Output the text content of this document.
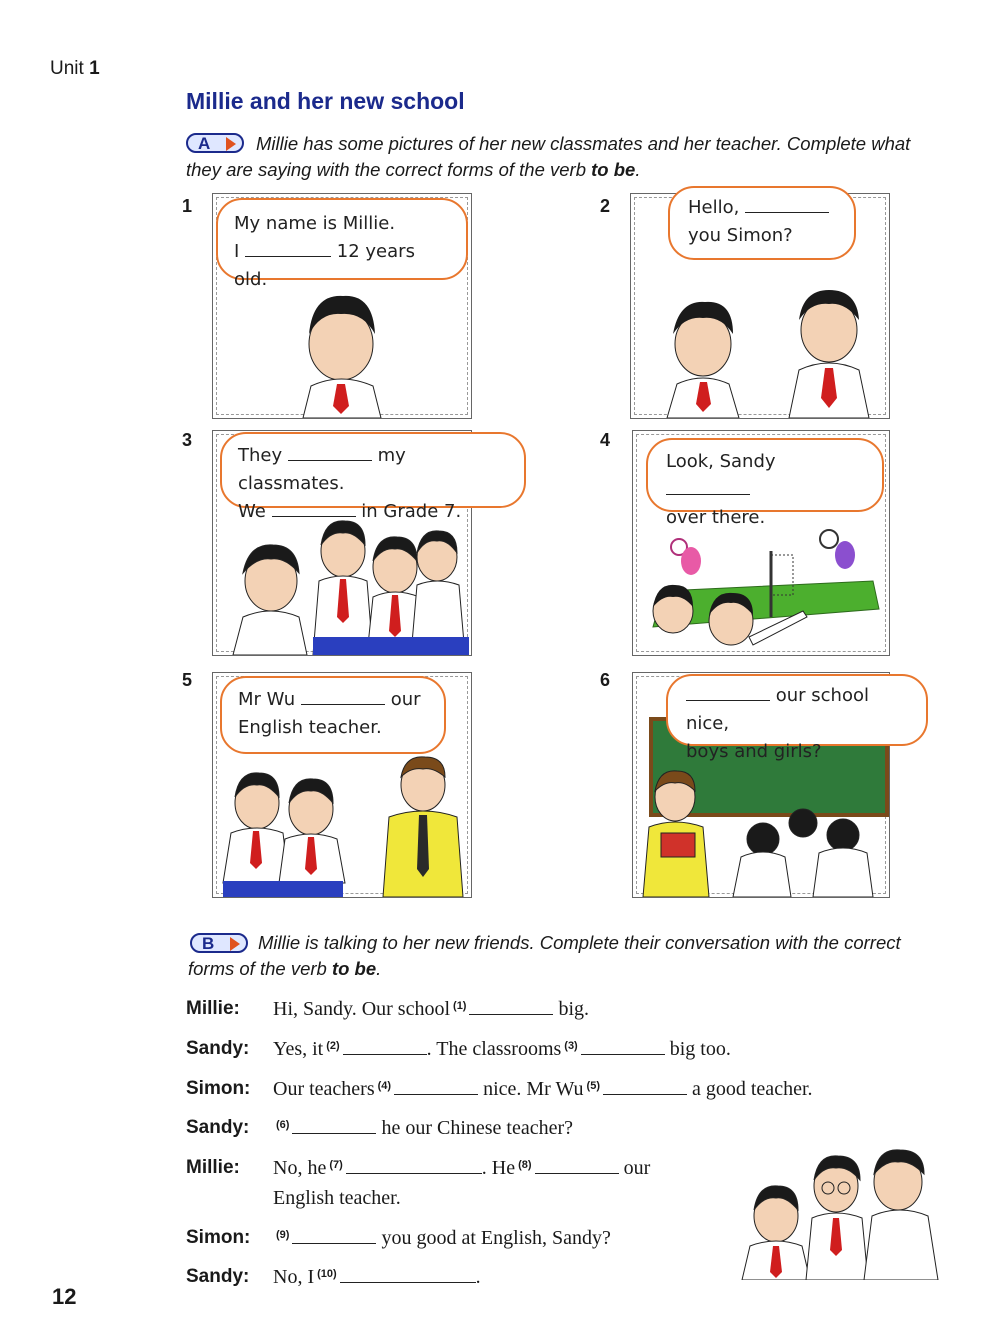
Unit 1
Millie and her new school
A	Millie has some pictures of her new classmates and her teacher. Complete what they are saying with the correct forms of the verb to be.
1	2
3	4
5	6
My name is Millie.
I	12 years old.
Hello,
you Simon?
They	my classmates.
We	in Grade 7.
Look, Sandy
over there.
Mr Wu	our
English teacher.
our school nice,
boys and girls?
B	Millie is talking to her new friends. Complete their conversation with the correct forms of the verb to be.
Millie: Hi, Sandy. Our school $^{(1)}$	big.
Sandy: Yes, it $^{(2)}$	. The classrooms $^{(3)}$	big too.
Simon: Our teachers $^{(4)}$	nice. Mr Wu $^{(5)}$	a good teacher.
Sandy: $^{(6)}$	he our Chinese teacher?
Millie: No, he $^{(7)}$	. He $^{(8)}$	our
English teacher.
Simon: $^{(9)}$	you good at English, Sandy?
Sandy: No, I $^{(10)}$	.
12
